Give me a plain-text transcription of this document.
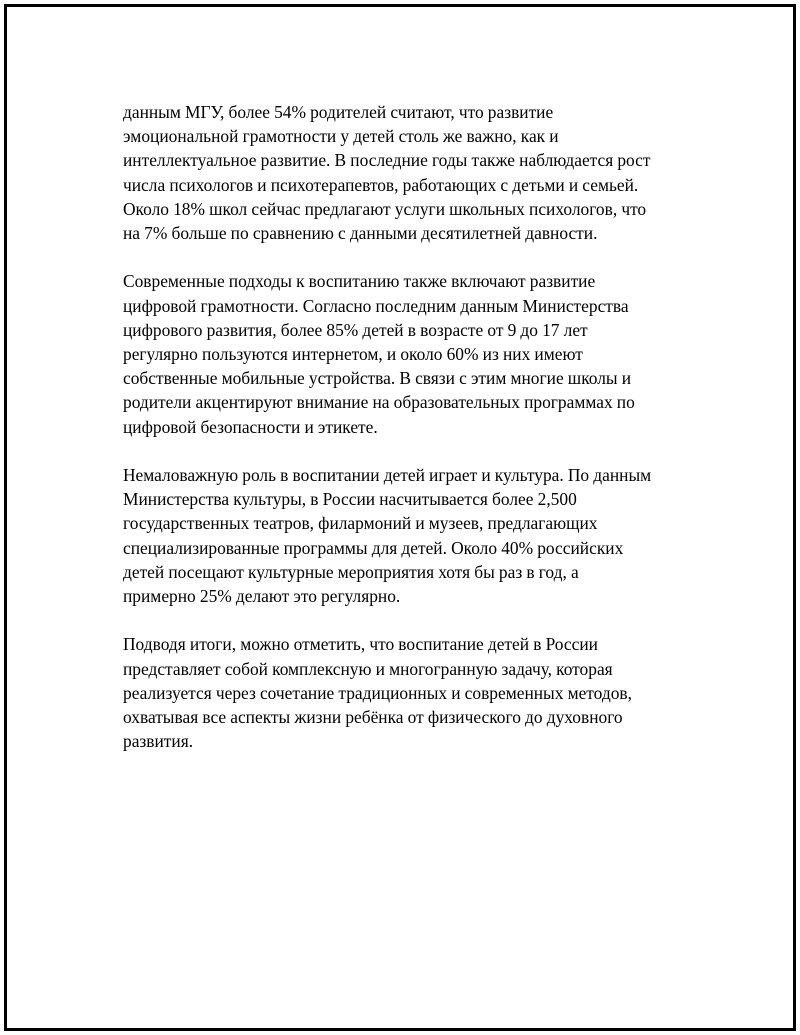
данным МГУ, более 54% родителей считают, что развитие
эмоциональной грамотности у детей столь же важно, как и
интеллектуальное развитие. В последние годы также наблюдается рост
числа психологов и психотерапевтов, работающих с детьми и семьей.
Около 18% школ сейчас предлагают услуги школьных психологов, что
на 7% больше по сравнению с данными десятилетней давности.

Современные подходы к воспитанию также включают развитие
цифровой грамотности. Согласно последним данным Министерства
цифрового развития, более 85% детей в возрасте от 9 до 17 лет
регулярно пользуются интернетом, и около 60% из них имеют
собственные мобильные устройства. В связи с этим многие школы и
родители акцентируют внимание на образовательных программах по
цифровой безопасности и этикете.

Немаловажную роль в воспитании детей играет и культура. По данным
Министерства культуры, в России насчитывается более 2,500
государственных театров, филармоний и музеев, предлагающих
специализированные программы для детей. Около 40% российских
детей посещают культурные мероприятия хотя бы раз в год, а
примерно 25% делают это регулярно.

Подводя итоги, можно отметить, что воспитание детей в России
представляет собой комплексную и многогранную задачу, которая
реализуется через сочетание традиционных и современных методов,
охватывая все аспекты жизни ребёнка от физического до духовного
развития.
